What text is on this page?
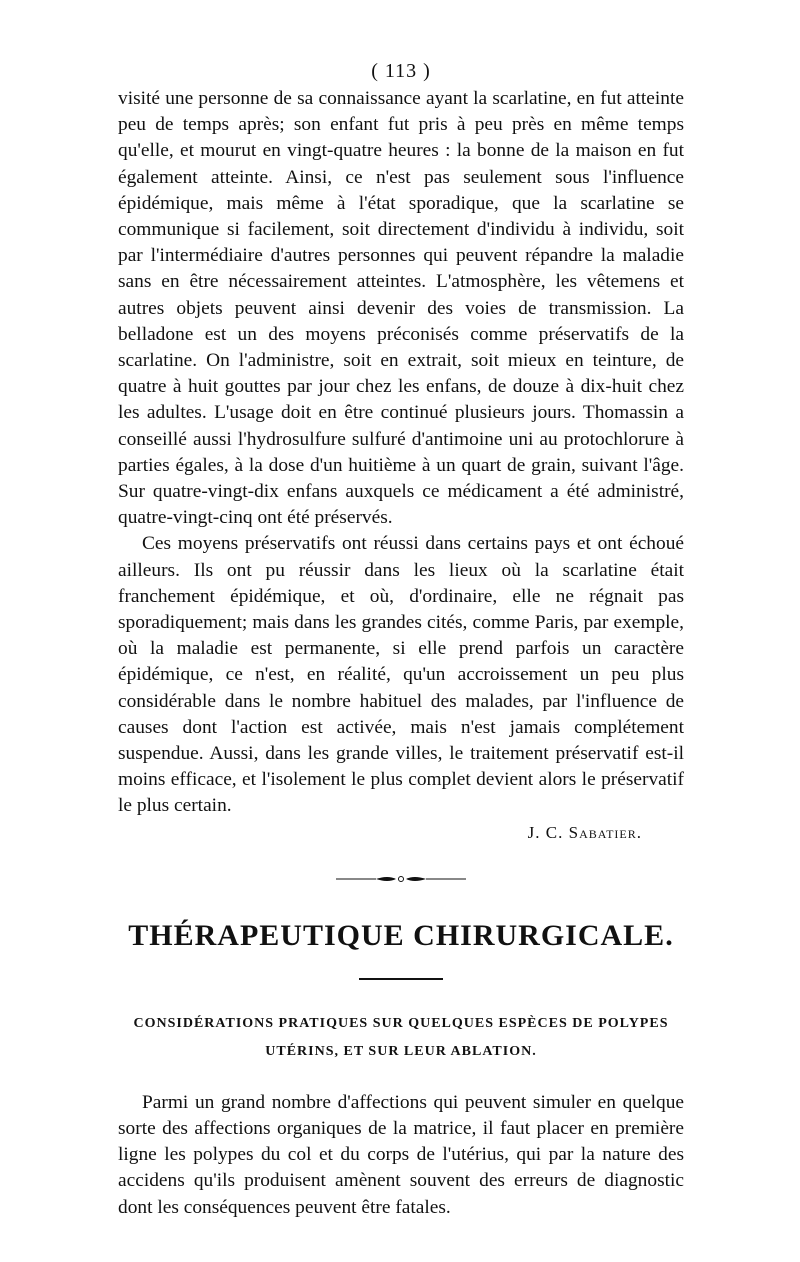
( 113 )

visité une personne de sa connaissance ayant la scarlatine, en fut atteinte peu de temps après; son enfant fut pris à peu près en même temps qu'elle, et mourut en vingt-quatre heures : la bonne de la maison en fut également atteinte. Ainsi, ce n'est pas seulement sous l'influence épidémique, mais même à l'état sporadique, que la scarlatine se communique si facilement, soit directement d'individu à individu, soit par l'intermédiaire d'autres personnes qui peuvent répandre la maladie sans en être nécessairement atteintes. L'atmosphère, les vêtemens et autres objets peuvent ainsi devenir des voies de transmission. La belladone est un des moyens préconisés comme préservatifs de la scarlatine. On l'administre, soit en extrait, soit mieux en teinture, de quatre à huit gouttes par jour chez les enfans, de douze à dix-huit chez les adultes. L'usage doit en être continué plusieurs jours. Thomassin a conseillé aussi l'hydrosulfure sulfuré d'antimoine uni au protochlorure à parties égales, à la dose d'un huitième à un quart de grain, suivant l'âge. Sur quatre-vingt-dix enfans auxquels ce médicament a été administré, quatre-vingt-cinq ont été préservés.

Ces moyens préservatifs ont réussi dans certains pays et ont échoué ailleurs. Ils ont pu réussir dans les lieux où la scarlatine était franchement épidémique, et où, d'ordinaire, elle ne régnait pas sporadiquement; mais dans les grandes cités, comme Paris, par exemple, où la maladie est permanente, si elle prend parfois un caractère épidémique, ce n'est, en réalité, qu'un accroissement un peu plus considérable dans le nombre habituel des malades, par l'influence de causes dont l'action est activée, mais n'est jamais complétement suspendue. Aussi, dans les grande villes, le traitement préservatif est-il moins efficace, et l'isolement le plus complet devient alors le préservatif le plus certain.

J. C. Sabatier.

THÉRAPEUTIQUE CHIRURGICALE.
CONSIDÉRATIONS PRATIQUES SUR QUELQUES ESPÈCES DE POLYPES
UTÉRINS, ET SUR LEUR ABLATION.

Parmi un grand nombre d'affections qui peuvent simuler en quelque sorte des affections organiques de la matrice, il faut placer en première ligne les polypes du col et du corps de l'utérius, qui par la nature des accidens qu'ils produisent amènent souvent des erreurs de diagnostic dont les conséquences peuvent être fatales.
